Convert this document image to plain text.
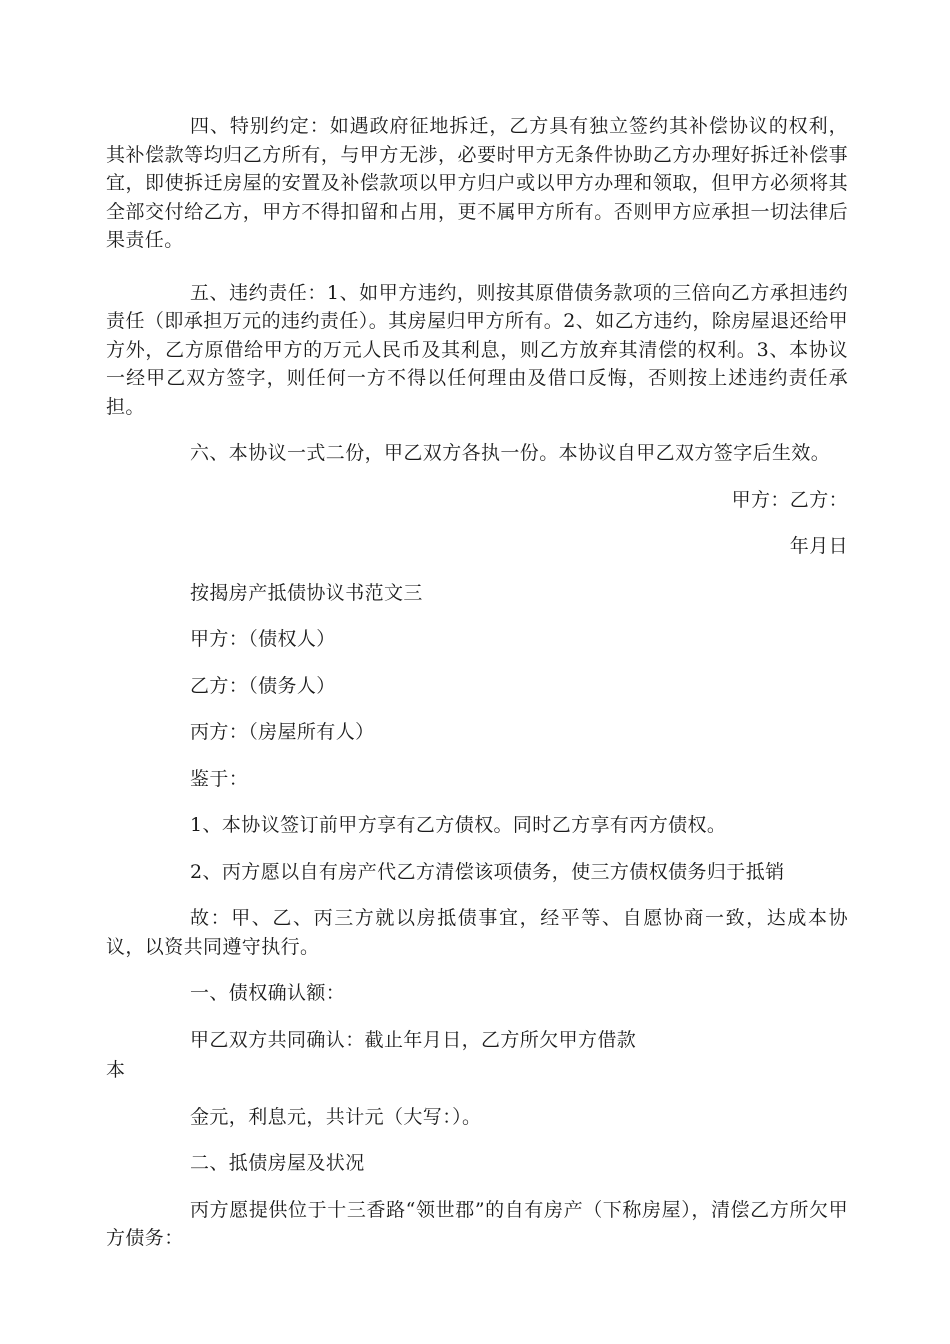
四、特别约定：如遇政府征地拆迁，乙方具有独立签约其补偿协议的权利，其补偿款等均归乙方所有，与甲方无涉，必要时甲方无条件协助乙方办理好拆迁补偿事宜，即使拆迁房屋的安置及补偿款项以甲方归户或以甲方办理和领取，但甲方必须将其全部交付给乙方，甲方不得扣留和占用，更不属甲方所有。否则甲方应承担一切法律后果责任。

五、违约责任：1、如甲方违约，则按其原借债务款项的三倍向乙方承担违约责任（即承担万元的违约责任）。其房屋归甲方所有。2、如乙方违约，除房屋退还给甲方外，乙方原借给甲方的万元人民币及其利息，则乙方放弃其清偿的权利。3、本协议一经甲乙双方签字，则任何一方不得以任何理由及借口反悔，否则按上述违约责任承担。

六、本协议一式二份，甲乙双方各执一份。本协议自甲乙双方签字后生效。

甲方：乙方：

年月日

按揭房产抵债协议书范文三

甲方：（债权人）

乙方：（债务人）

丙方：（房屋所有人）

鉴于：

1、本协议签订前甲方享有乙方债权。同时乙方享有丙方债权。

2、丙方愿以自有房产代乙方清偿该项债务，使三方债权债务归于抵销

故：甲、乙、丙三方就以房抵债事宜，经平等、自愿协商一致，达成本协议，以资共同遵守执行。

一、债权确认额：

甲乙双方共同确认：截止年月日，乙方所欠甲方借款

本

金元，利息元，共计元（大写：）。

二、抵债房屋及状况

丙方愿提供位于十三香路“领世郡”的自有房产（下称房屋），清偿乙方所欠甲方债务：
